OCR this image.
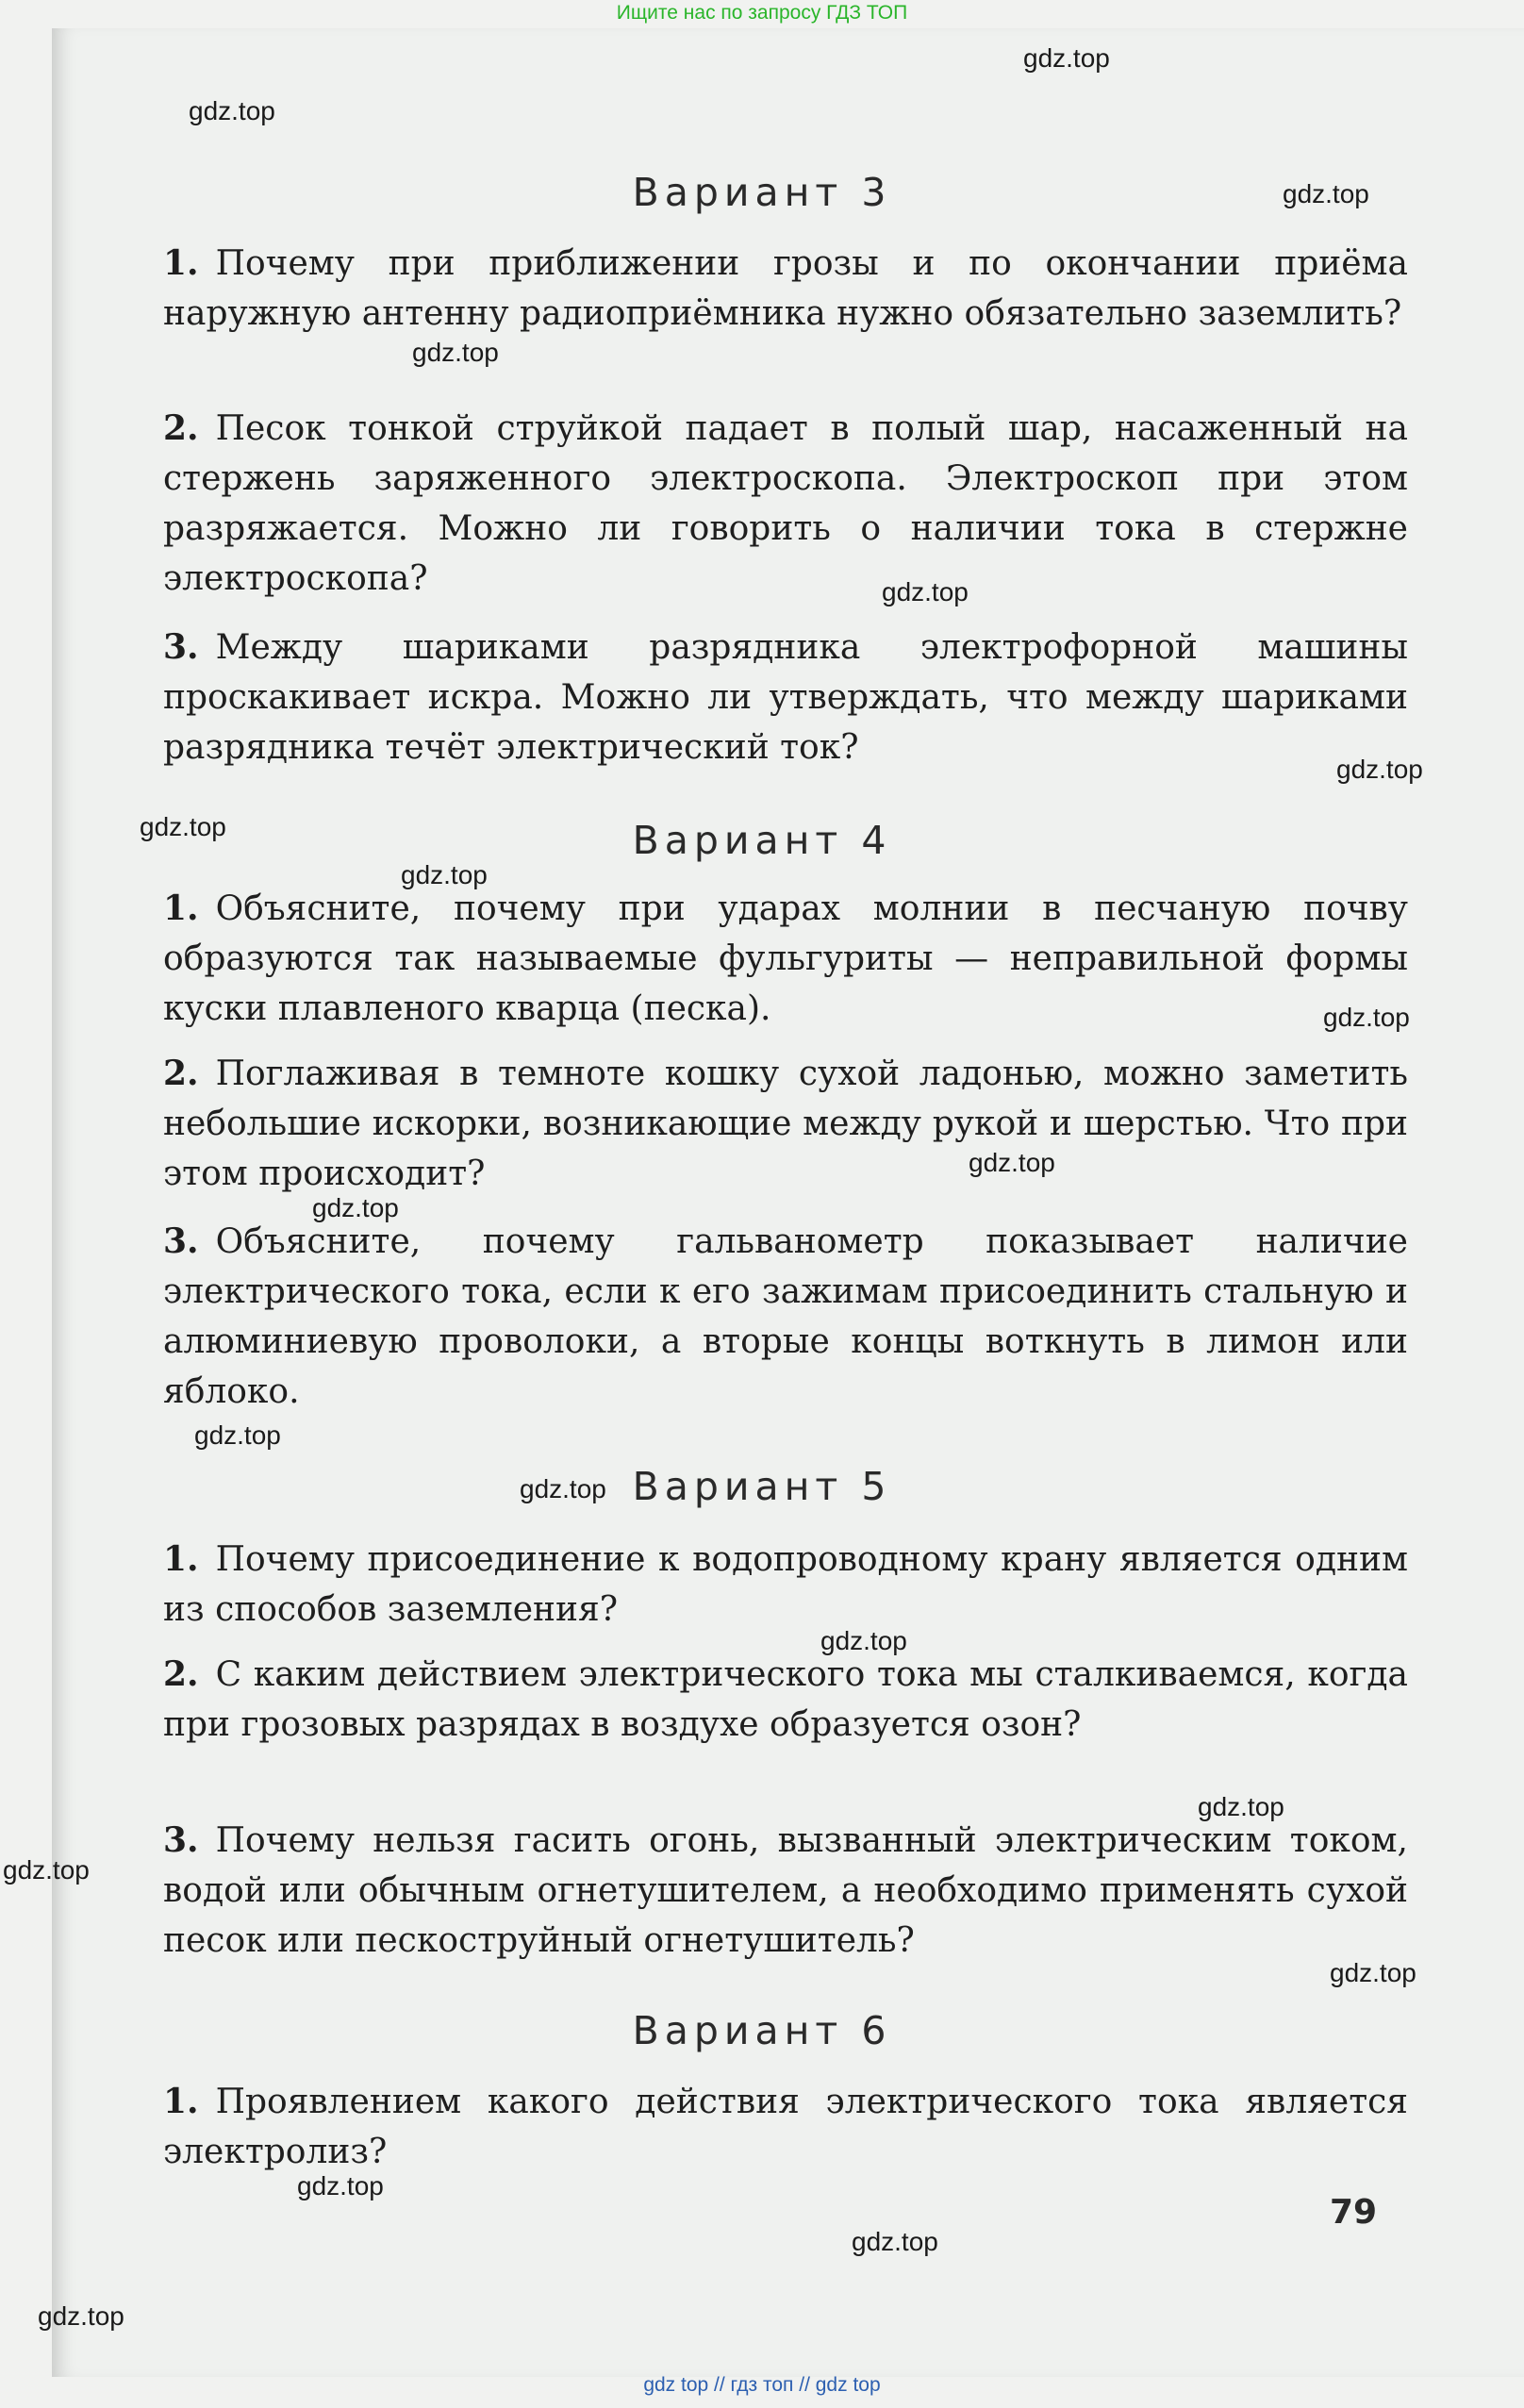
Ищите нас по запросу ГДЗ ТОП
Вариант 3
1. Почему при приближении грозы и по окончании приёма наружную антенну радиоприёмника нужно обязательно заземлить?
2. Песок тонкой струйкой падает в полый шар, насаженный на стержень заряженного электроскопа. Электроскоп при этом разряжается. Можно ли говорить о наличии тока в стержне электроскопа?
3. Между шариками разрядника электрофорной машины проскакивает искра. Можно ли утверждать, что между шариками разрядника течёт электрический ток?
Вариант 4
1. Объясните, почему при ударах молнии в песчаную почву образуются так называемые фульгуриты — неправильной формы куски плавленого кварца (песка).
2. Поглаживая в темноте кошку сухой ладонью, можно заметить небольшие искорки, возникающие между рукой и шерстью. Что при этом происходит?
3. Объясните, почему гальванометр показывает наличие электрического тока, если к его зажимам присоединить стальную и алюминиевую проволоки, а вторые концы воткнуть в лимон или яблоко.
Вариант 5
1. Почему присоединение к водопроводному крану является одним из способов заземления?
2. С каким действием электрического тока мы сталкиваемся, когда при грозовых разрядах в воздухе образуется озон?
3. Почему нельзя гасить огонь, вызванный электрическим током, водой или обычным огнетушителем, а необходимо применять сухой песок или пескоструйный огнетушитель?
Вариант 6
1. Проявлением какого действия электрического тока является электролиз?
79
gdz.top
gdz.top
gdz.top
gdz.top
gdz.top
gdz.top
gdz.top
gdz.top
gdz.top
gdz.top
gdz.top
gdz.top
gdz.top
gdz.top
gdz.top
gdz.top
gdz.top
gdz.top
gdz.top
gdz.top
gdz top // гдз топ // gdz top
